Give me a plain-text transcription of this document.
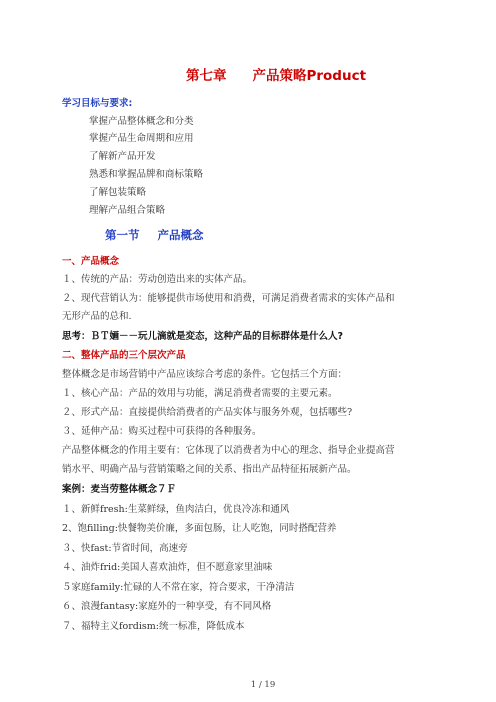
第七章 产品策略Product
学习目标与要求:
掌握产品整体概念和分类
掌握产品生命周期和应用
了解新产品开发
熟悉和掌握品牌和商标策略
了解包装策略
理解产品组合策略
第一节 产品概念
一、产品概念
１、传统的产品：劳动创造出来的实体产品。
２、现代营销认为：能够提供市场使用和消费，可满足消费者需求的实体产品和
无形产品的总和.
思考：ＢＴ婳－－玩儿滴就是変态，这种产品的目标群体是什么人?
二、整体产品的三个层次产品
整体概念是市场营销中产品应该综合考虑的条件。它包括三个方面：
１、核心产品：产品的效用与功能，满足消费者需要的主要元素。
２、形式产品：直接提供给消费者的产品实体与服务外观，包括哪些?
３、延伸产品：购买过程中可获得的各种服务。
产品整体概念的作用主要有：它体现了以消费者为中心的理念、指导企业提高营
销水平、明确产品与营销策略之间的关系、指出产品特征拓展新产品。
案例：麦当劳整体概念７Ｆ
１、新鲜fresh:生菜鲜绿，鱼肉洁白，优良冷冻和通风
2、饱filling:快餐物美价廉，多面包肠，让人吃饱，同时搭配营养
３、快fast:节省时间，高速旁
４、油炸frid:美国人喜欢油炸，但不愿意家里油味
５家庭family:忙碌的人不常在家，符合要求，干净清洁
６、浪漫fantasy:家庭外的一种享受，有不同风格
７、福特主义fordism:统一标准，降低成本
1 / 19
